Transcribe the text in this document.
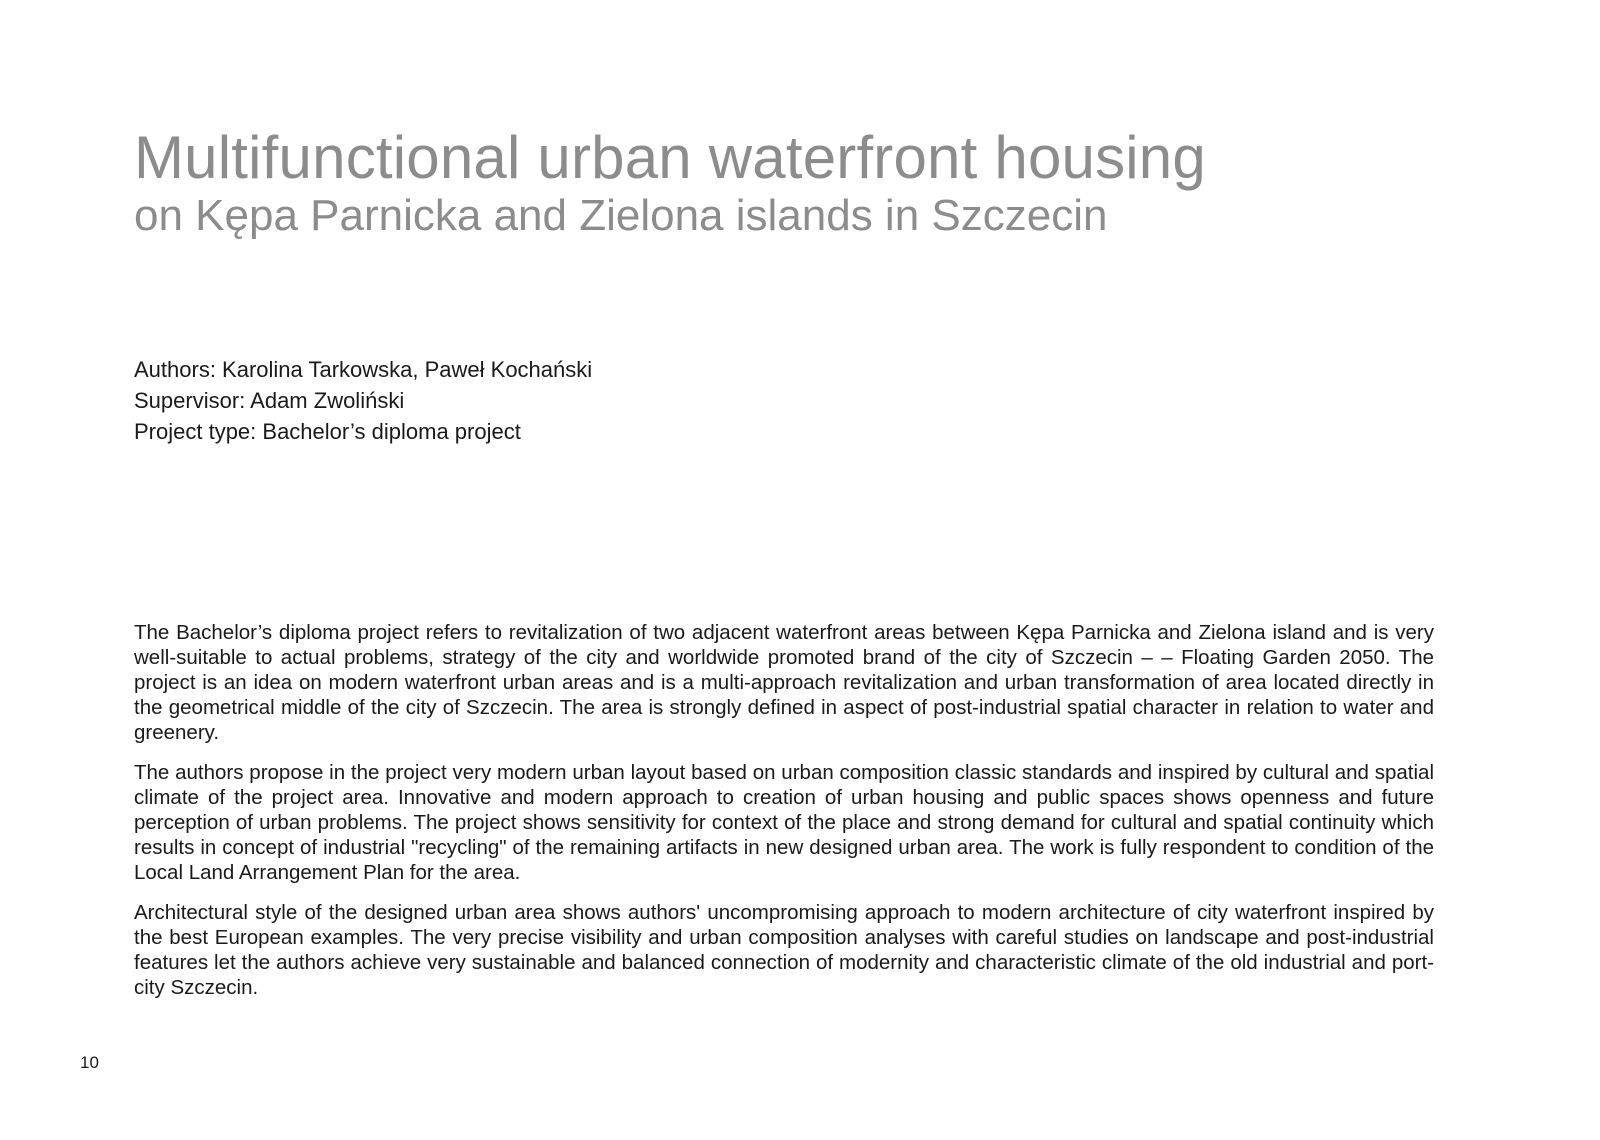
Multifunctional urban waterfront housing
on Kępa Parnicka and Zielona islands in Szczecin

Authors: Karolina Tarkowska, Paweł Kochański

Supervisor: Adam Zwoliński

Project type: Bachelor’s diploma project

The Bachelor’s diploma project refers to revitalization of two adjacent waterfront areas between Kępa Parnicka and Zielona island and is very well-suitable to actual problems, strategy of the city and worldwide promoted brand of the city of Szczecin – – Floating Garden 2050. The project is an idea on modern waterfront urban areas and is a multi-approach revitalization and urban transformation of area located directly in the geometrical middle of the city of Szczecin. The area is strongly defined in aspect of post-industrial spatial character in relation to water and greenery.

The authors propose in the project very modern urban layout based on urban composition classic standards and inspired by cultural and spatial climate of the project area. Innovative and modern approach to creation of urban housing and public spaces shows openness and future perception of urban problems. The project shows sensitivity for context of the place and strong demand for cultural and spatial continuity which results in concept of industrial "recycling" of the remaining artifacts in new designed urban area. The work is fully respondent to condition of the Local Land Arrangement Plan for the area.

Architectural style of the designed urban area shows authors' uncompromising approach to modern architecture of city waterfront inspired by the best European examples. The very precise visibility and urban composition analyses with careful studies on landscape and post-industrial features let the authors achieve very sustainable and balanced connection of modernity and characteristic climate of the old industrial and port-city Szczecin.

10
